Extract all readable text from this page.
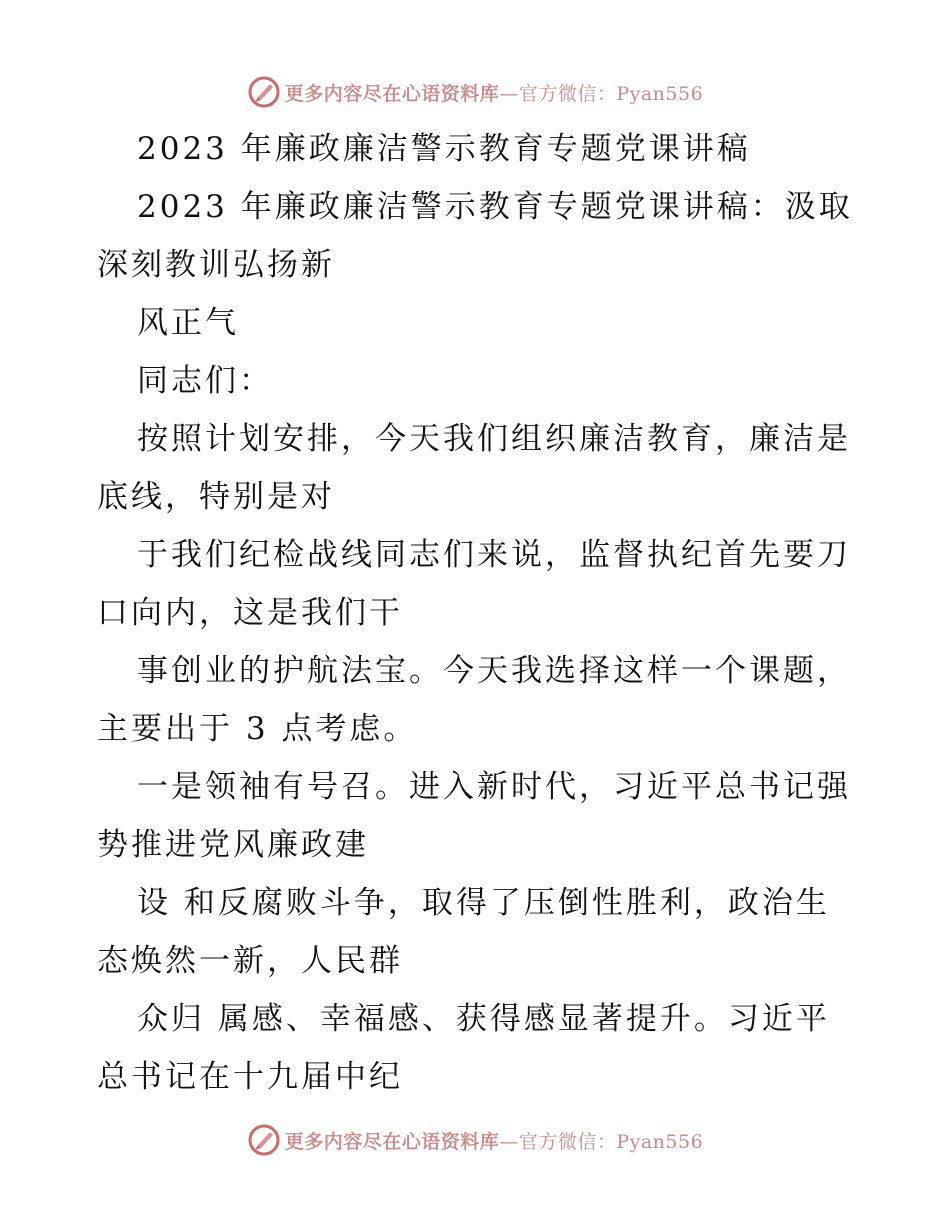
更多内容尽在心语资料库—官方微信：Pyan556
2023 年廉政廉洁警示教育专题党课讲稿
2023 年廉政廉洁警示教育专题党课讲稿：汲取
深刻教训弘扬新
风正气
同志们：
按照计划安排，今天我们组织廉洁教育，廉洁是
底线，特别是对
于我们纪检战线同志们来说，监督执纪首先要刀
口向内，这是我们干
事创业的护航法宝。今天我选择这样一个课题，
主要出于 3 点考虑。
一是领袖有号召。进入新时代，习近平总书记强
势推进党风廉政建
设 和反腐败斗争，取得了压倒性胜利，政治生
态焕然一新，人民群
众归 属感、幸福感、获得感显著提升。习近平
总书记在十九届中纪
更多内容尽在心语资料库—官方微信：Pyan556
